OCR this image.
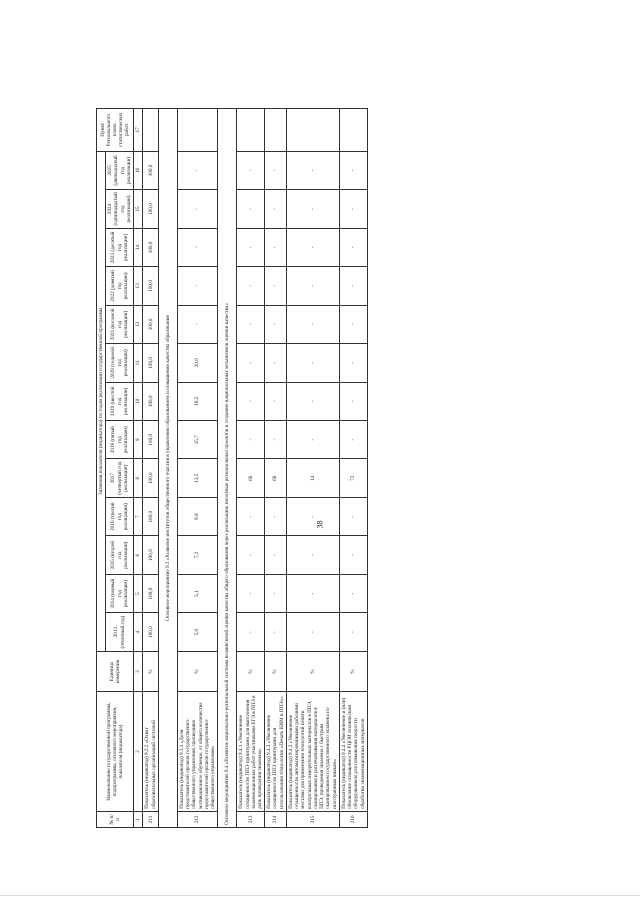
38
№ п/п	Наименование государственной программы, подпрограммы, основного мероприятия, показателя (индикатора)	Единица измерения	Значения показателя (индикатора) по годам реализации государственной программы													Пункт Регионального плана статистических работ
			2013 (отчетный год)	2014 (первый год реализации)	2015 (второй год реализации)	2016 (третий год реализации)	2017 (четвертый год реализации)	2018 (пятый год реализации)	2019 (шестой год реализации)	2020 (седьмой год реализации)	2021 (восьмой год реализации)	2022 (девятый год реализации)	2023 (десятый год реализации)	2024 (одиннадцатый год реализации)	2025 (двенадцатый год реализации)	
1	2	3	4	5	6	7	8	9	10	11	12	13	14	15	16	17
211	Показатель (индикатор) 9.2.2 «Охват образовательных организаций системой	%	100,0	100,0	100,0	100,0	100,0	100,0	100,0	100,0	100,0	100,0	100,0	100,0	100,0	
Основное мероприятие 9.3 «Развитие институтов общественного участия в управлении образованием и повышении качества образования																
212	Показатель (индикатор) 9.3.1 «Доля представителей органов государственно-общественного управления, прошедших мотивационное обучение, от общего количества представителей органов государственно-общественного управления»	%	5,0	5,1	7,2	9,9	13,5	15,7	18,2	20,0	-	-	-	-	-	
Основное мероприятие 9.4 «Развитие национально-региональной системы независимой оценки качества общего образования через реализацию пилотных региональных проектов и создание национальных механизмов оценки качества»																
213	Показатель (индикатор) 9.4.1 «Увеличение оснащенности ППЭ принтерами для выполнения экзаменационных работ участниками ЕГЭ в ППЭ в день проведения экзамена»	%	-	-	-	-	66	-	-	-	-	-	-	-	-	
214	Показатель (индикатор) 9.4.2 «Увеличение оснащенности ППЭ принтерами для использования технологии «Печать КИМ в ППЭ»»	%	-	-	-	-	68	-	-	-	-	-	-	-	-	
215	Показатель (индикатор) 9.4.3 «Увеличение оснащенности автоматизированными рабочими местами для применения технологий печати контрольных измерительных материалов в ППЭ, сканирования и распечатывания материалов в ППЭ, проведения экзамена с быстрым сканированием государственного экзамена по иностранным языкам»	%	-	-	-	-	14	-	-	-	-	-	-	-	-	
216	Показатель (индикатор) 9.4.4 «Увеличение и (или) обновление оснащенности РЦОИ техническим оборудованием для повышения скорости обработки экзаменационных материалов	%	-	-	-	-	72	-	-	-	-	-	-	-	-	
